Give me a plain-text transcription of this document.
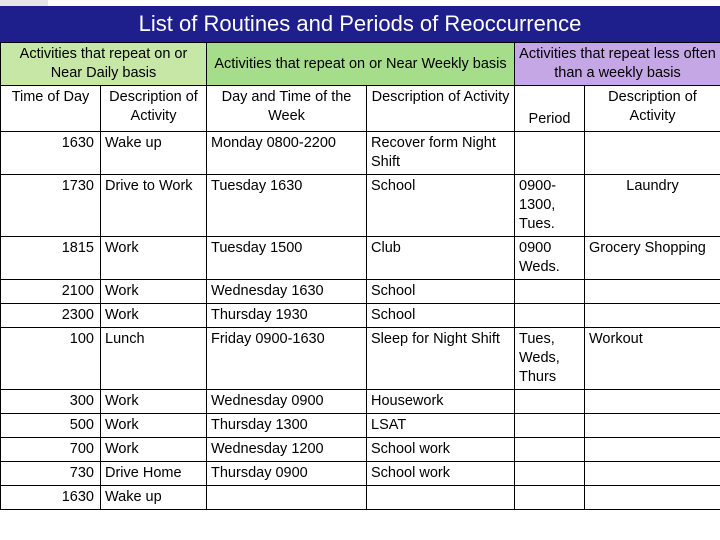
List of Routines and Periods of Reoccurrence
Activities that repeat on or Near Daily basis		Activities that repeat on or Near Weekly basis		Activities that repeat less often than a weekly basis	
Time of Day	Description of Activity	Day and Time of the Week	Description of Activity	Period	Description of Activity
1630	Wake up	Monday 0800-2200	Recover form Night Shift		
1730	Drive to Work	Tuesday 1630	School	0900-1300, Tues.	Laundry
1815	Work	Tuesday 1500	Club	0900 Weds.	Grocery Shopping
2100	Work	Wednesday 1630	School		
2300	Work	Thursday 1930	School		
100	Lunch	Friday 0900-1630	Sleep for Night Shift	Tues, Weds, Thurs	Workout
300	Work	Wednesday 0900	Housework		
500	Work	Thursday 1300	LSAT		
700	Work	Wednesday 1200	School work		
730	Drive Home	Thursday 0900	School work		
1630	Wake up				
